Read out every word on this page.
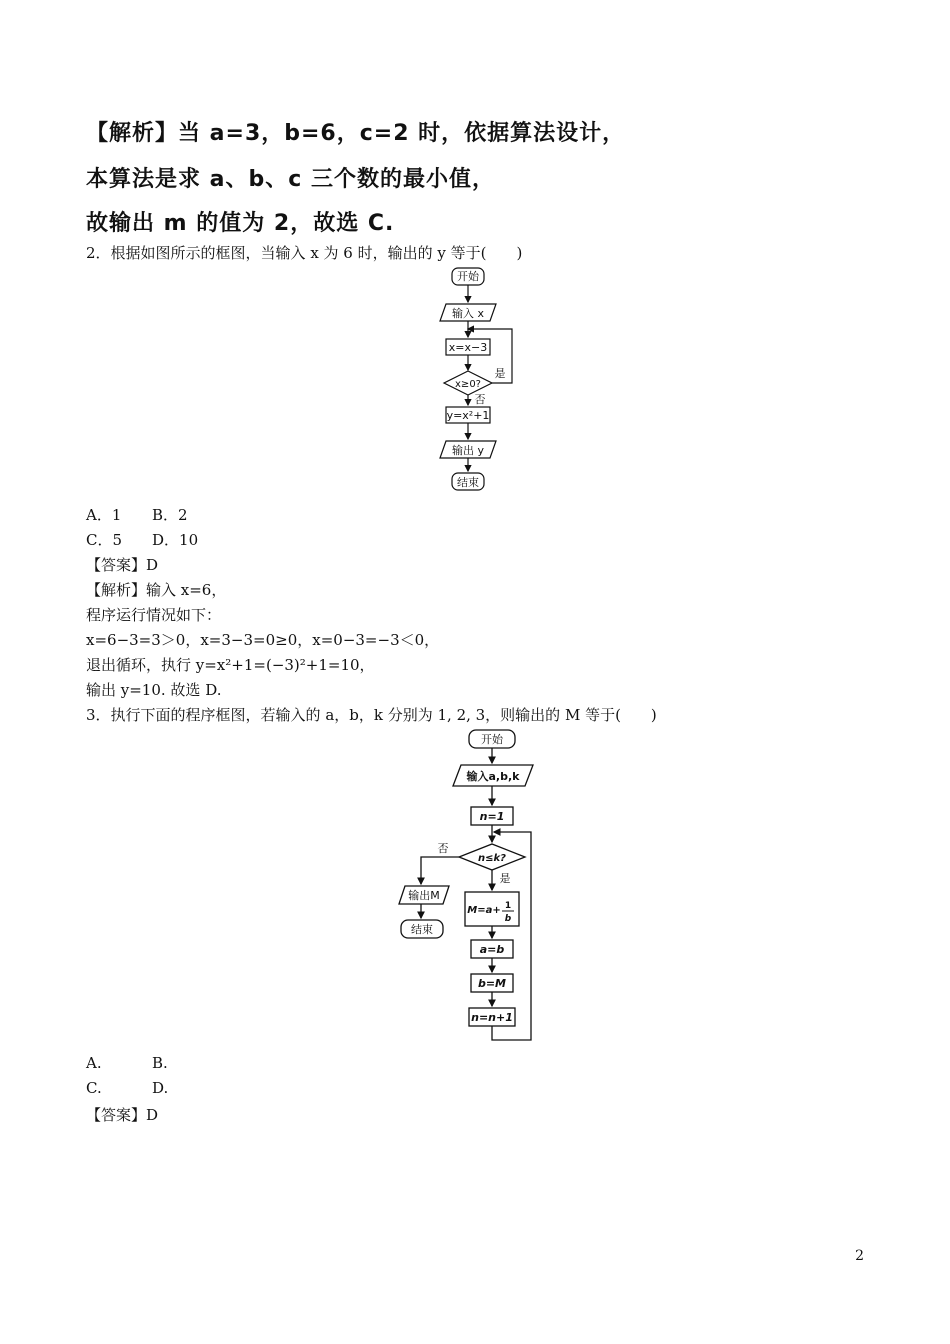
【解析】当 a=3，b=6，c=2 时，依据算法设计，
本算法是求 a、b、c 三个数的最小值，
故输出 m 的值为 2，故选 C.
2．根据如图所示的框图，当输入 x 为 6 时，输出的 y 等于(　　)
开始
输入 x
x=x−3
x≥0?
是
否
y=x²+1
输出 y
结束
A．1 B．2
C．5 D．10
【答案】D
【解析】输入 x=6，
程序运行情况如下：
x=6−3=3＞0，x=3−3=0≥0，x=0−3=−3＜0，
退出循环，执行 y=x²+1=(−3)²+1=10，
输出 y=10. 故选 D.
3．执行下面的程序框图，若输入的 a，b，k 分别为 1, 2, 3，则输出的 M 等于(　　)
开始
输入a,b,k
n=1
n≤k?
是
否
M=a+ 1
b
a=b
b=M
n=n+1
输出M
结束
A.	B.
C.	D.
【答案】D
2
